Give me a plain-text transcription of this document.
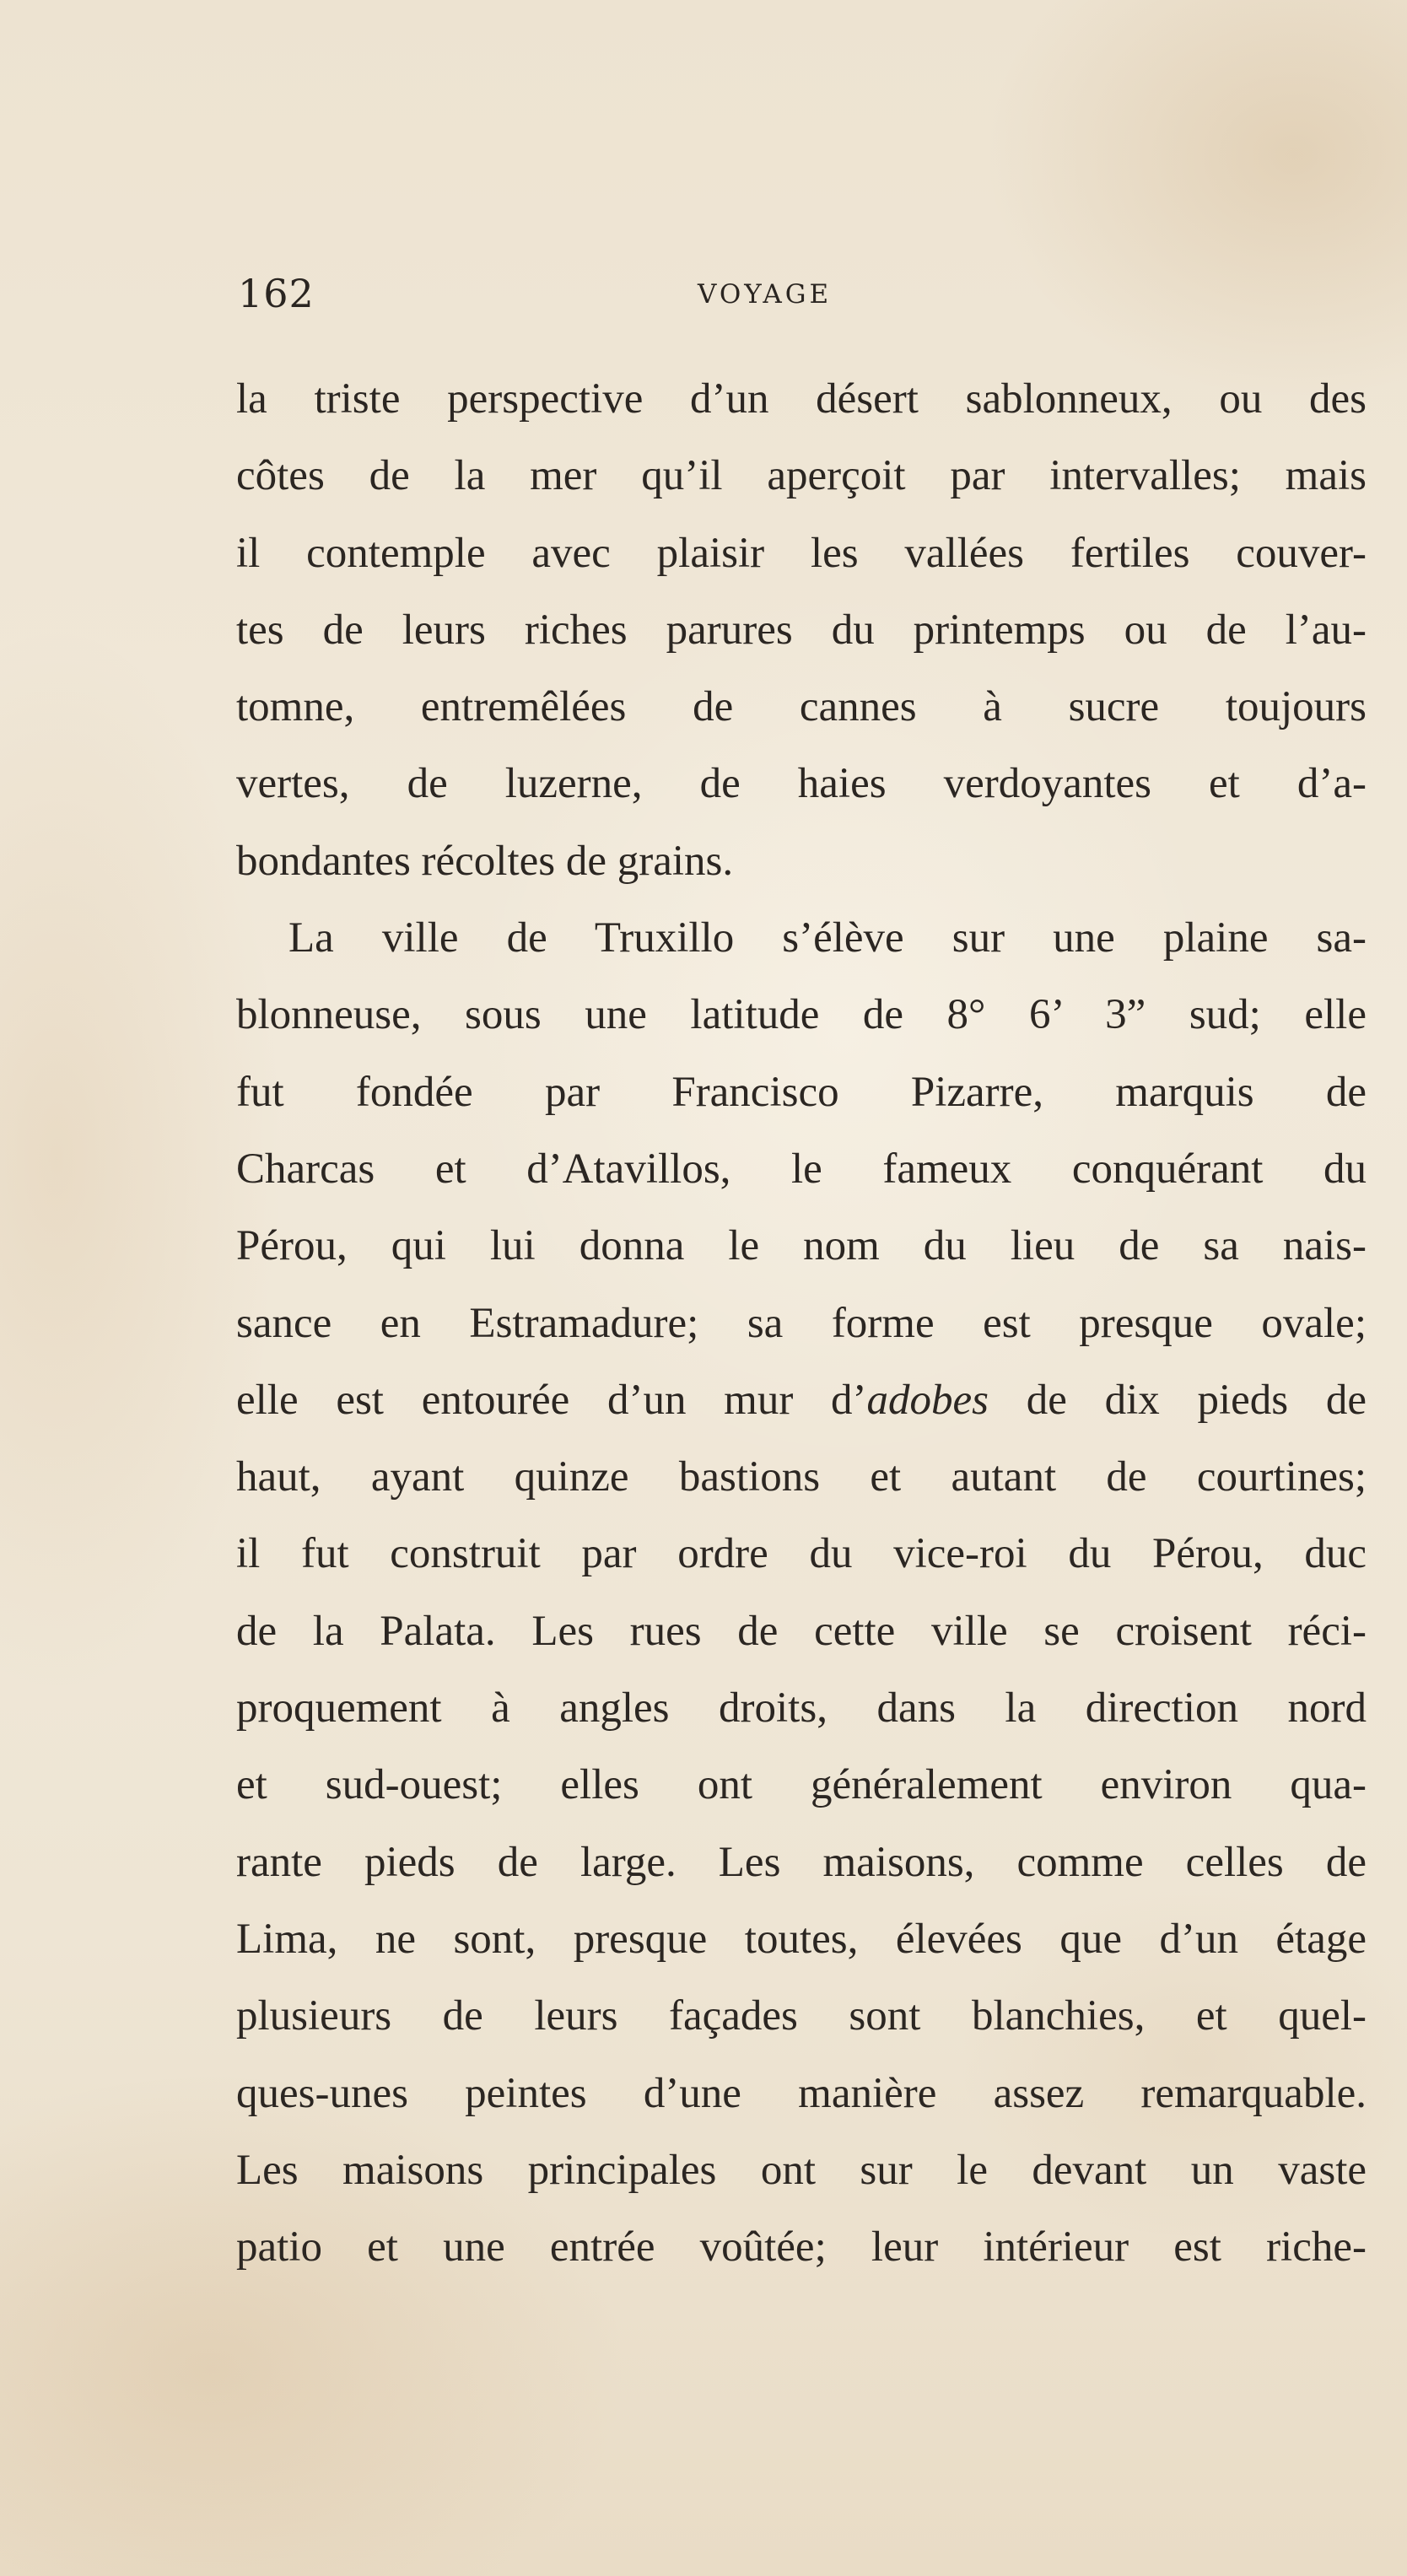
162	VOYAGE
la triste perspective d’un désert sablonneux, ou des
côtes de la mer qu’il aperçoit par intervalles; mais
il contemple avec plaisir les vallées fertiles couver-
tes de leurs riches parures du printemps ou de l’au-
tomne, entremêlées de cannes à sucre toujours
vertes, de luzerne, de haies verdoyantes et d’a-
bondantes récoltes de grains.
La ville de Truxillo s’élève sur une plaine sa-
blonneuse, sous une latitude de 8° 6’ 3” sud; elle
fut fondée par Francisco Pizarre, marquis de
Charcas et d’Atavillos, le fameux conquérant du
Pérou, qui lui donna le nom du lieu de sa nais-
sance en Estramadure; sa forme est presque ovale;
elle est entourée d’un mur d’adobes de dix pieds de
haut, ayant quinze bastions et autant de courtines;
il fut construit par ordre du vice-roi du Pérou, duc
de la Palata. Les rues de cette ville se croisent réci-
proquement à angles droits, dans la direction nord
et sud-ouest; elles ont généralement environ qua-
rante pieds de large. Les maisons, comme celles de
Lima, ne sont, presque toutes, élevées que d’un étage
plusieurs de leurs façades sont blanchies, et quel-
ques-unes peintes d’une manière assez remarquable.
Les maisons principales ont sur le devant un vaste
patio et une entrée voûtée; leur intérieur est riche-
